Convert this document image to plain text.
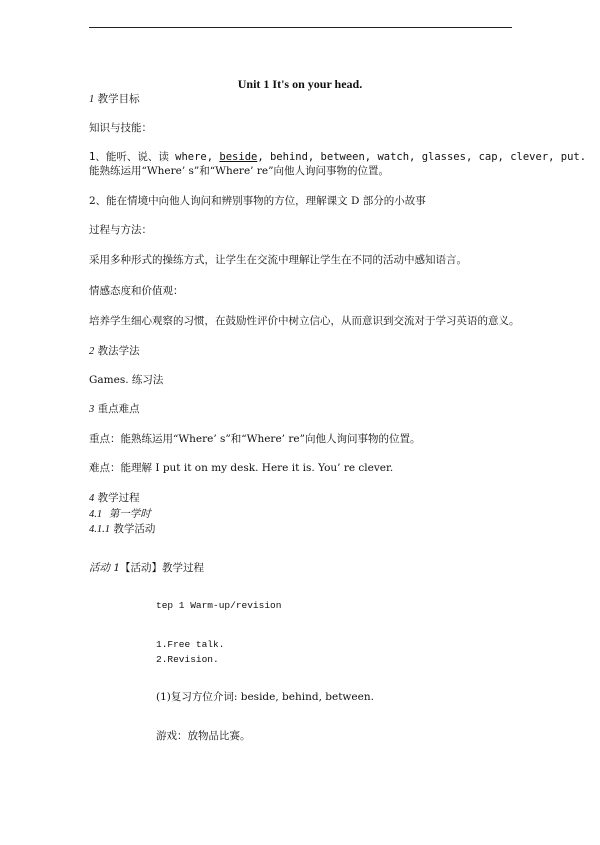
Unit 1 It's on your head.
1 教学目标
知识与技能：
1、能听、说、读 where, beside, behind, between, watch, glasses, cap, clever, put.
能熟练运用“Where’ s”和“Where’ re”向他人询问事物的位置。
2、能在情境中向他人询问和辨别事物的方位，理解课文 D 部分的小故事
过程与方法：
采用多种形式的操练方式，让学生在交流中理解让学生在不同的活动中感知语言。
情感态度和价值观：
培养学生细心观察的习惯，在鼓励性评价中树立信心，从而意识到交流对于学习英语的意义。
2 教法学法
Games. 练习法
3 重点难点
重点：能熟练运用“Where’ s”和“Where’ re”向他人询问事物的位置。
难点：能理解 I put it on my desk. Here it is. You’ re clever.
4 教学过程
4.1 第一学时
4.1.1 教学活动
活动 1【活动】教学过程
tep 1 Warm-up/revision
1.Free talk.
2.Revision.
(1)复习方位介词: beside, behind, between.
游戏：放物品比赛。
